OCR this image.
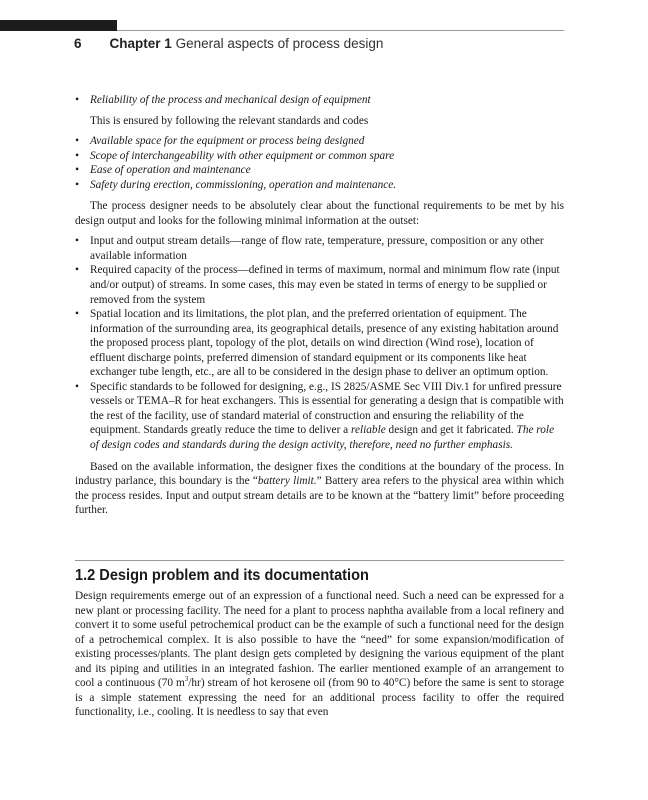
6 Chapter 1 General aspects of process design
• Reliability of the process and mechanical design of equipment
This is ensured by following the relevant standards and codes
• Available space for the equipment or process being designed
• Scope of interchangeability with other equipment or common spare
• Ease of operation and maintenance
• Safety during erection, commissioning, operation and maintenance.
The process designer needs to be absolutely clear about the functional requirements to be met by his design output and looks for the following minimal information at the outset:
• Input and output stream details—range of flow rate, temperature, pressure, composition or any other available information
• Required capacity of the process—defined in terms of maximum, normal and minimum flow rate (input and/or output) of streams. In some cases, this may even be stated in terms of energy to be supplied or removed from the system
• Spatial location and its limitations, the plot plan, and the preferred orientation of equipment. The information of the surrounding area, its geographical details, presence of any existing habitation around the proposed process plant, topology of the plot, details on wind direction (Wind rose), location of effluent discharge points, preferred dimension of standard equipment or its components like heat exchanger tube length, etc., are all to be considered in the design phase to deliver an optimum option.
• Specific standards to be followed for designing, e.g., IS 2825/ASME Sec VIII Div.1 for unfired pressure vessels or TEMA–R for heat exchangers. This is essential for generating a design that is compatible with the rest of the facility, use of standard material of construction and ensuring the reliability of the equipment. Standards greatly reduce the time to deliver a reliable design and get it fabricated. The role of design codes and standards during the design activity, therefore, need no further emphasis.
Based on the available information, the designer fixes the conditions at the boundary of the process. In industry parlance, this boundary is the “battery limit.” Battery area refers to the physical area within which the process resides. Input and output stream details are to be known at the “battery limit” before proceeding further.
1.2 Design problem and its documentation
Design requirements emerge out of an expression of a functional need. Such a need can be expressed for a new plant or processing facility. The need for a plant to process naphtha available from a local refinery and convert it to some useful petrochemical product can be the example of such a functional need for the design of a petrochemical complex. It is also possible to have the “need” for some expansion/modification of existing processes/plants. The plant design gets completed by designing the various equipment of the plant and its piping and utilities in an integrated fashion. The earlier mentioned example of an arrangement to cool a continuous (70 $m^3/hr$) stream of hot kerosene oil (from 90 to 40°C) before the same is sent to storage is a simple statement expressing the need for an additional process facility to offer the required functionality, i.e., cooling. It is needless to say that even
